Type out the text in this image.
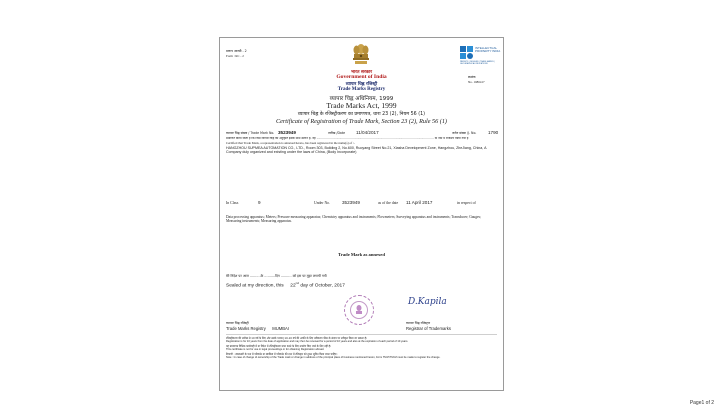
प्रारूप आरसी - 2
Form : RC - 2
INTELLECTUAL PROPERTY INDIA
PATENTS | DESIGNS | TRADE MARKS | GEOGRAPHICAL INDICATIONS
क्रमांक
No. 1686417
भारत सरकार
Government of India
व्यापार चिह्न रजिस्ट्री
Trade Marks Registry
व्यापार चिह्न अधिनियम, 1999
Trade Marks Act, 1999
व्यापार चिह्न के रजिस्ट्रीकरण का प्रमाणपत्र, धारा 23 (2), नियम 56 (1)
Certificate of Registration of Trade Mark, Section 23 (2), Rule 56 (1)
व्यापार चिह्न संख्या / Trade Mark No. 3523949	तारीख /Date 11/04/2017	जर्नल संख्या /J. No.	1790
प्रमाणित किया जाता है कि जिस व्यापार चिह्न की अनुकृति इसके साथ संलग्न है, वह ........................................................................................................................... के नाम में रजिस्टर किया गया है
Certified that Trade Mark, a representation is annexed hereto, has been registered in the name(s) of :-
HANGZHOU SUPMEA AUTOMATION CO., LTD., Room 303, Building 2, No.600, Ruoyang Street No.21, Xiasha Development Zone, Hangzhou, ZheJiang, China, A Company duly organized and existing under the laws of China, (Body Incorporate)
In Class	9	Under No.	3523949	as of the date 11 April 2017	in respect of
Data processing apparatus; Meters; Pressure measuring apparatus; Chemistry apparatus and instruments; Flowmeters; Surveying apparatus and instruments; Transducer; Gauges; Measuring instruments; Measuring apparatus.
Trade Mark as annexed
मेरे निदेश पर आज ..........के ..........दिन .......... को इस पर मुहर लगायी गयी
Sealed at my direction, this 22nd day of October, 2017
D.Kapila
व्यापार चिह्न रजिस्ट्री
Trade Marks Registry MUMBAI
व्यापार चिह्न रजिस्ट्रार
Registrar of Trademarks
रजिस्ट्रीकरण की तारीख से 10 वर्ष के लिए और उसके पश्चात् 10-10 वर्ष की अवधि के लिए नवीकरण फीस के संदाय पर नवीकृत किया जा सकता है।
Registration is for 10 years from the date of application and may then be renewed for a period of 10 years and also at the expiration of each period of 10 years.
यह प्रमाणपत्र विधिक कार्यवाही में या विदेश में रजिस्ट्रीकरण प्राप्त करने के लिए उपयोग किए जाने के लिए नहीं है।
This certificate is not for use in legal proceedings or for obtaining Registration abroad.
टिप्पणी : स्वत्वधारी के पता में परिवर्तन या स्वामित्व में परिवर्तन की दशा में रजिस्ट्रार को तुरन्त सूचित किया जाना चाहिए।
Note : In case of change of ownership of the Trade mark or change in address of the principal place of business mentioned herein, Form TM-P/TM-M must be made to register the change.
Page1 of 2
